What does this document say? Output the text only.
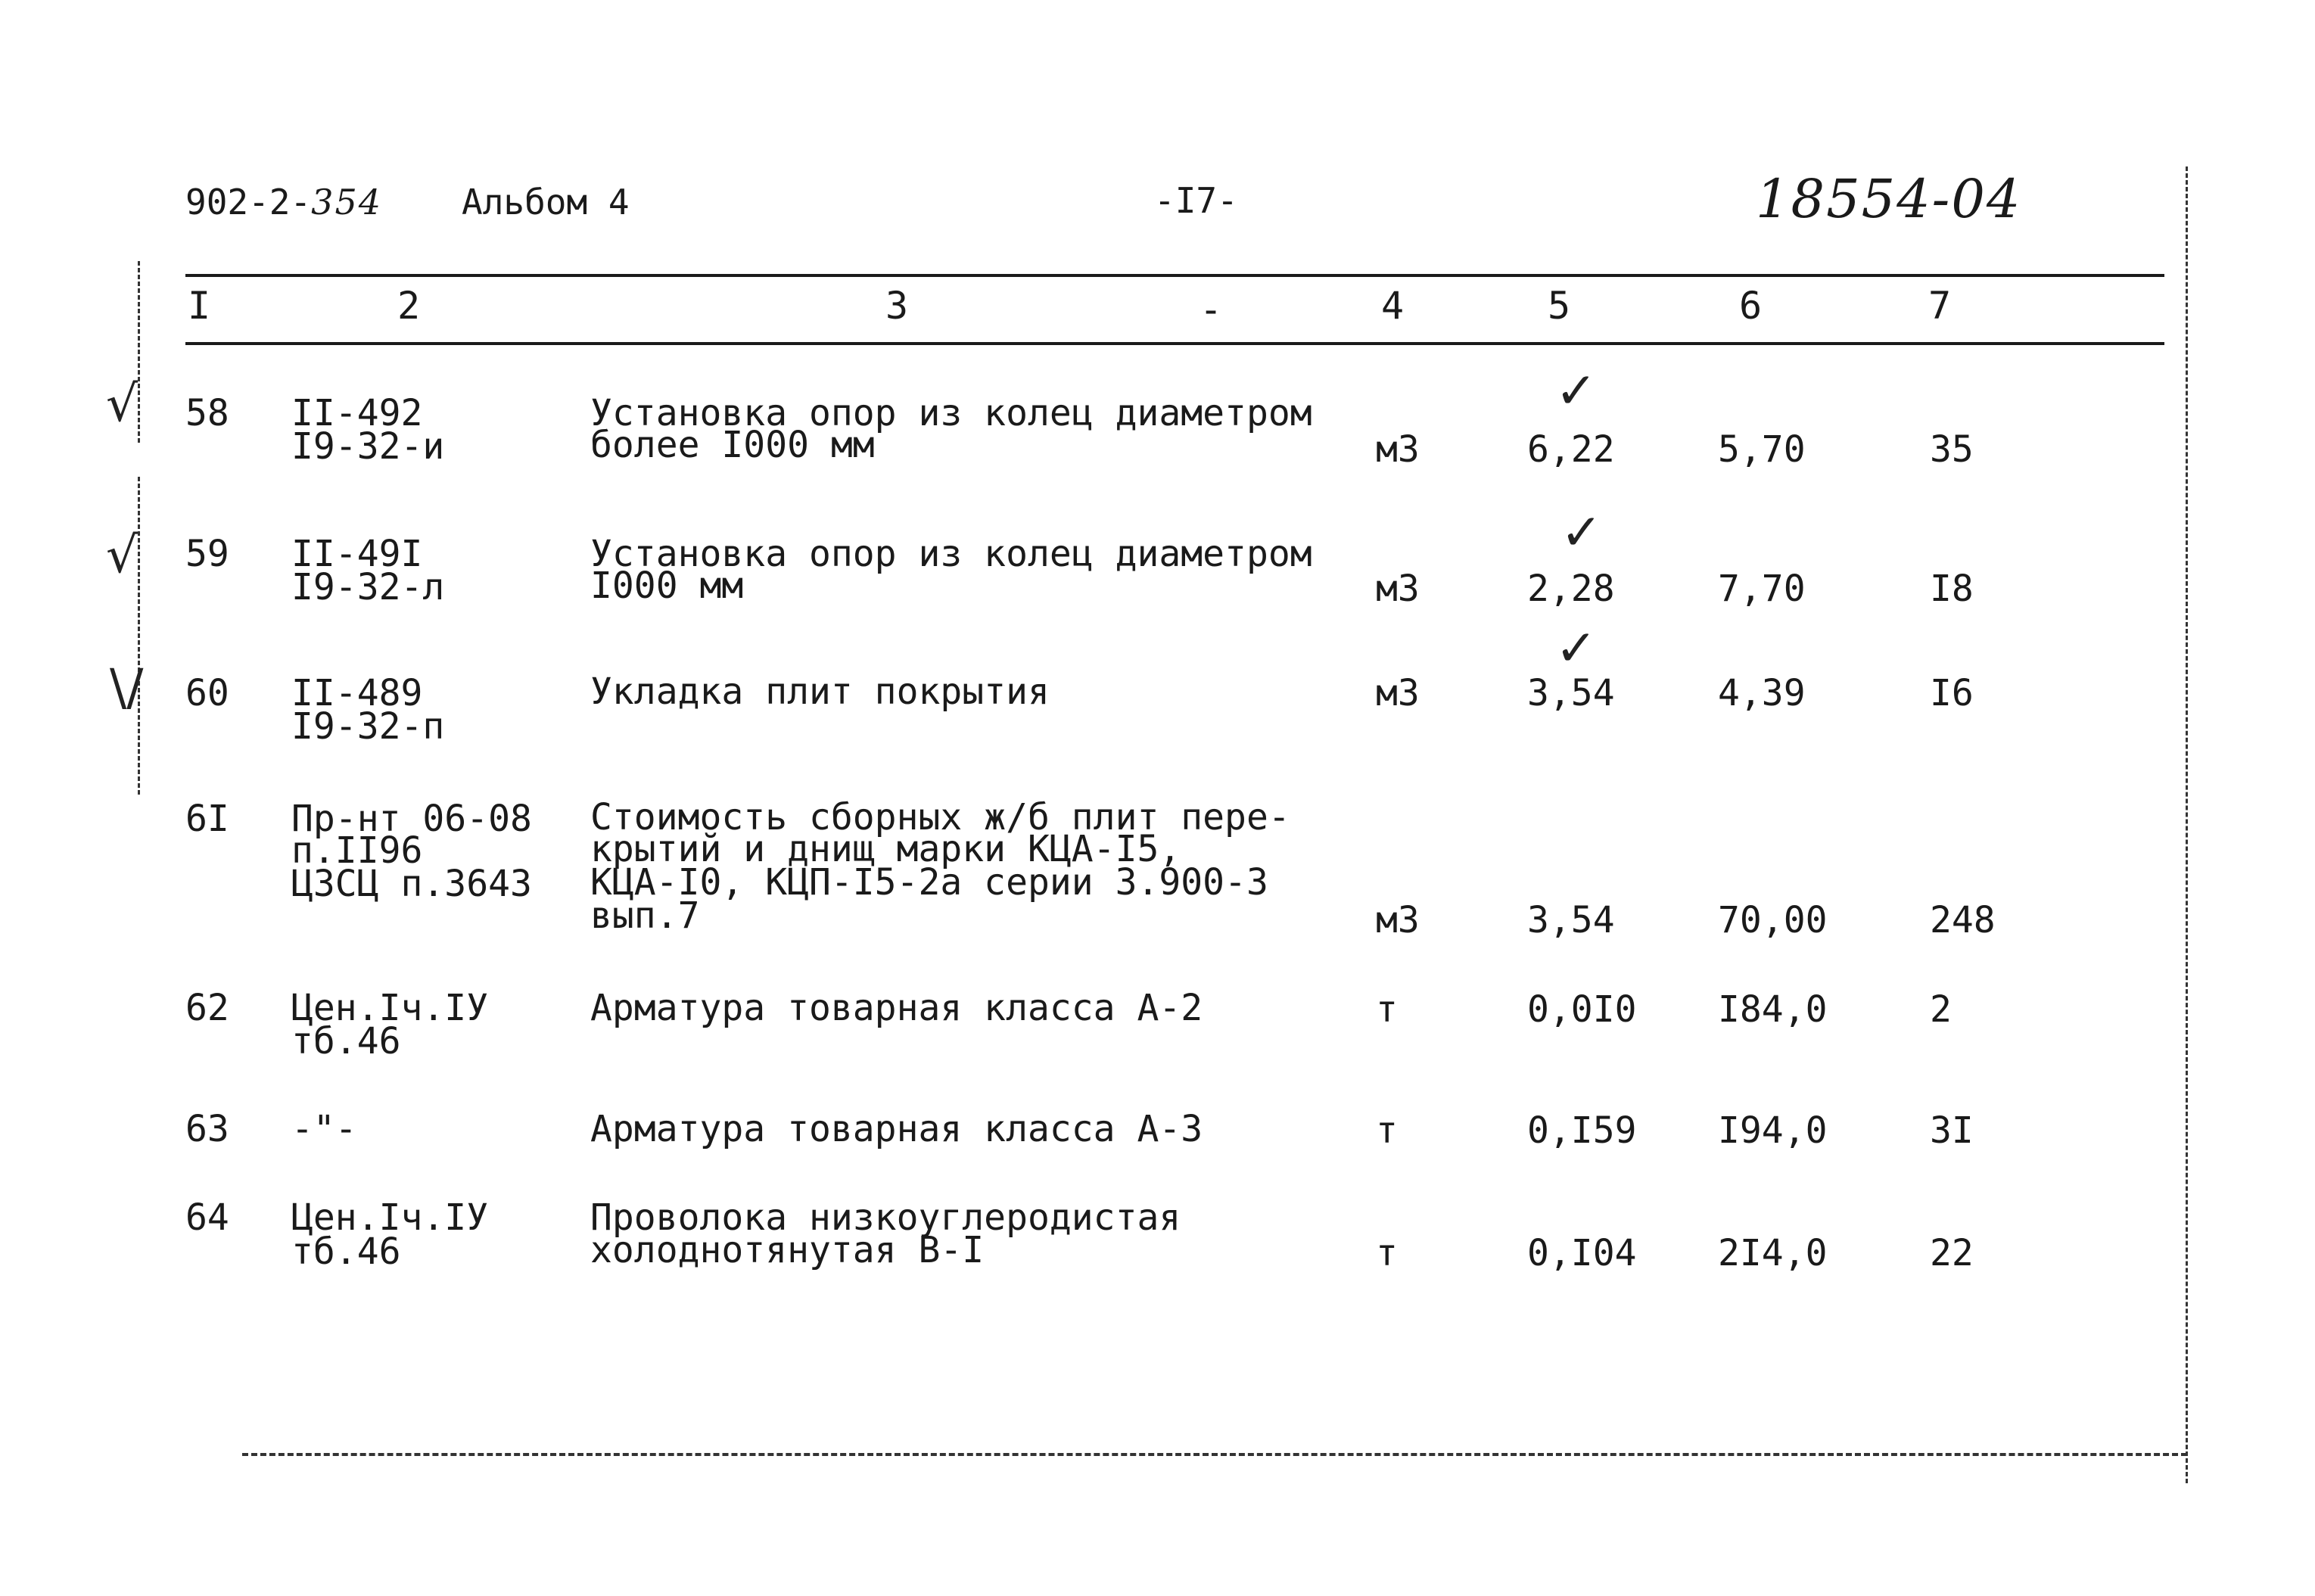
902-2-354 Альбом 4	-I7-	18554-04
I	2	3	-	4	5	6	7
58 II-492
I9-32-и
Установка опор из колец диаметром
более I000 мм	м3	6,22	5,70	35
59 II-49I
I9-32-л
Установка опор из колец диаметром
I000 мм	м3	2,28	7,70	I8
60 II-489
I9-32-п
Укладка плит покрытия	м3	3,54	4,39	I6
6I Пр-нт 06-08
п.II96
ЦЗСЦ п.3643
Стоимость сборных ж/б плит пере-
крытий и днищ марки КЦА-I5,
КЦА-I0, КЦП-I5-2а серии 3.900-3
вып.7	м3	3,54	70,00	248
62 Цен.Iч.IУ
тб.46
Арматура товарная класса А-2	т	0,0I0 I84,0	2
63 -"-	Арматура товарная класса А-3	т	0,I59 I94,0	3I
64 Цен.Iч.IУ
тб.46
Проволока низкоуглеродистая
холоднотянутая В-I	т	0,I04 2I4,0	22
✓
✓
✓
√
√
\/
